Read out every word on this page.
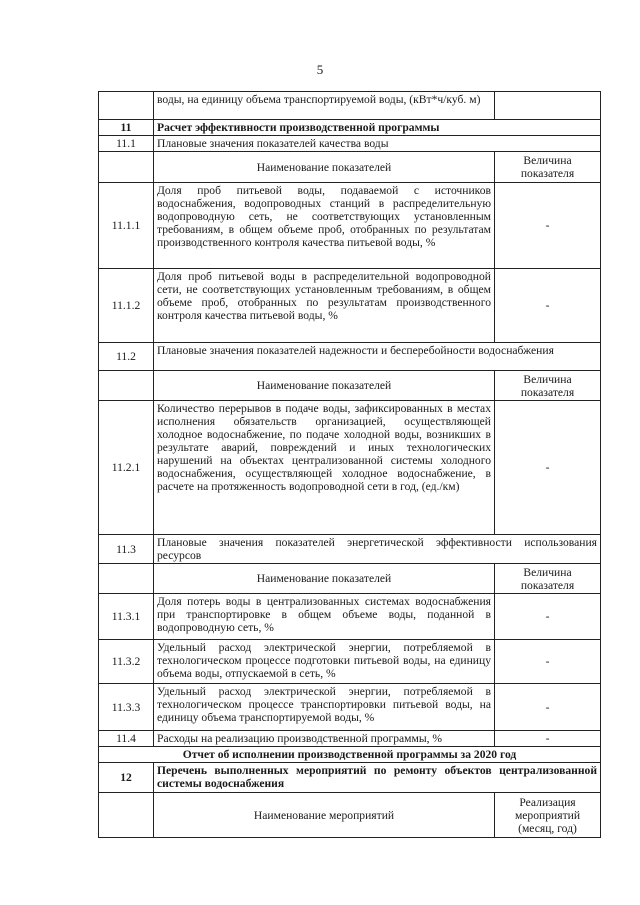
5
	воды, на единицу объема транспортируемой воды, (кВт*ч/куб. м)	
11	Расчет эффективности производственной программы	
11.1	Плановые значения показателей качества воды	
	Наименование показателей	Величина показателя
11.1.1	Доля проб питьевой воды, подаваемой с источников водоснабжения, водопроводных станций в распределительную водопроводную сеть, не соответствующих установленным требованиям, в общем объеме проб, отобранных по результатам производственного контроля качества питьевой воды, %	-
11.1.2	Доля проб питьевой воды в распределительной водопроводной сети, не соответствующих установленным требованиям, в общем объеме проб, отобранных по результатам производственного контроля качества питьевой воды, %	-
11.2	Плановые значения показателей надежности и бесперебойности водоснабжения	
	Наименование показателей	Величина показателя
11.2.1	Количество перерывов в подаче воды, зафиксированных в местах исполнения обязательств организацией, осуществляющей холодное водоснабжение, по подаче холодной воды, возникших в результате аварий, повреждений и иных технологических нарушений на объектах централизованной системы холодного водоснабжения, осуществляющей холодное водоснабжение, в расчете на протяженность водопроводной сети в год, (ед./км)	-
11.3	Плановые значения показателей энергетической эффективности использования ресурсов	
	Наименование показателей	Величина показателя
11.3.1	Доля потерь воды в централизованных системах водоснабжения при транспортировке в общем объеме воды, поданной в водопроводную сеть, %	-
11.3.2	Удельный расход электрической энергии, потребляемой в технологическом процессе подготовки питьевой воды, на единицу объема воды, отпускаемой в сеть, %	-
11.3.3	Удельный расход электрической энергии, потребляемой в технологическом процессе транспортировки питьевой воды, на единицу объема транспортируемой воды, %	-
11.4	Расходы на реализацию производственной программы, %	-
Отчет об исполнении производственной программы за 2020 год		
12	Перечень выполненных мероприятий по ремонту объектов централизованной системы водоснабжения	
	Наименование мероприятий	Реализация мероприятий (месяц, год)
